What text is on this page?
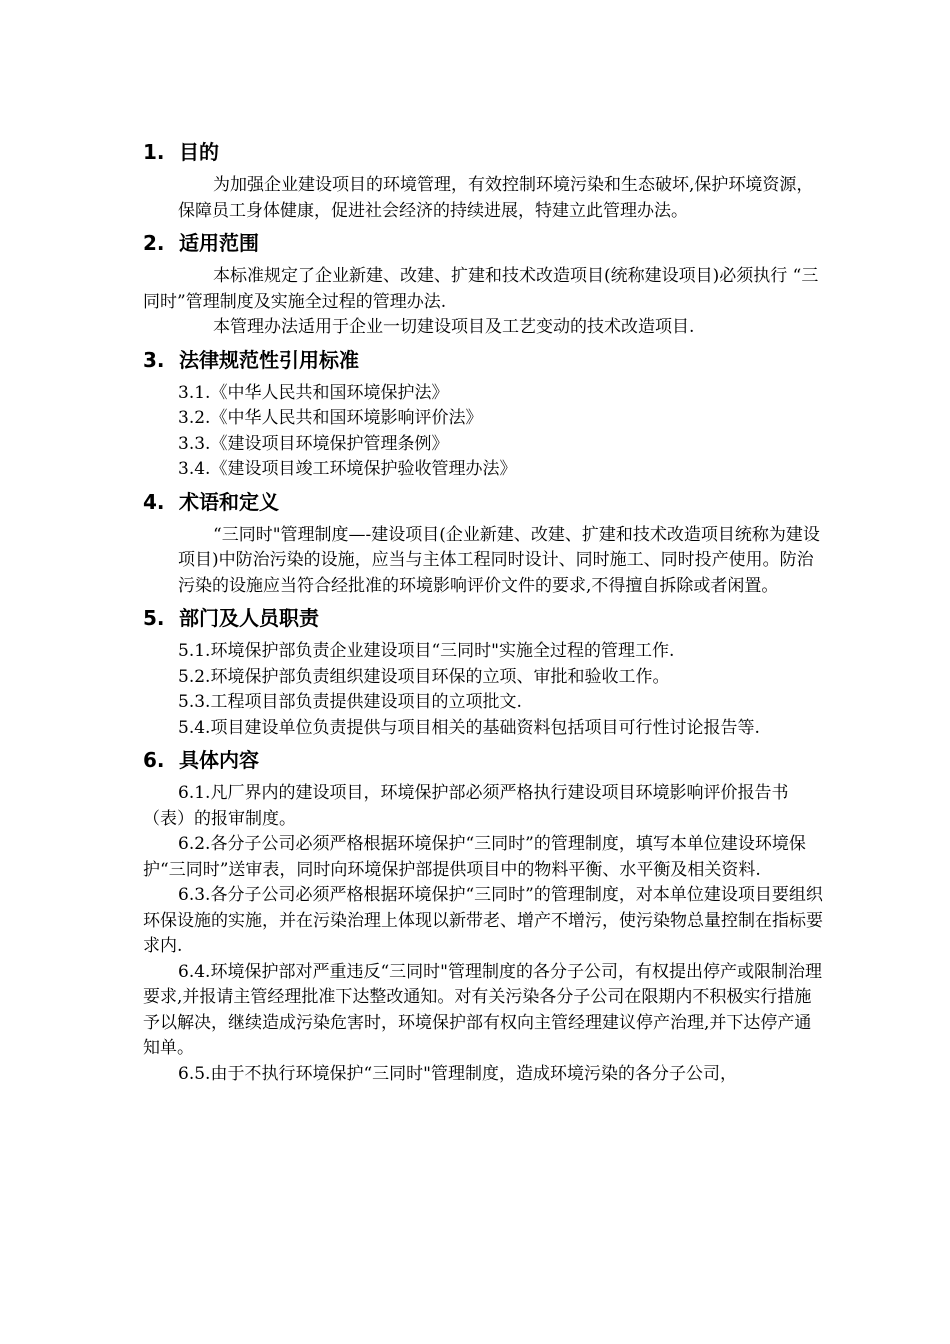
1. 目的

为加强企业建设项目的环境管理，有效控制环境污染和生态破坏,保护环境资源，保障员工身体健康，促进社会经济的持续进展，特建立此管理办法。

2. 适用范围

本标准规定了企业新建、改建、扩建和技术改造项目(统称建设项目)必须执行 “三同时”管理制度及实施全过程的管理办法.

本管理办法适用于企业一切建设项目及工艺变动的技术改造项目.

3. 法律规范性引用标准
3.1.《中华人民共和国环境保护法》
3.2.《中华人民共和国环境影响评价法》
3.3.《建设项目环境保护管理条例》
3.4.《建设项目竣工环境保护验收管理办法》
4. 术语和定义

“三同时"管理制度—-建设项目(企业新建、改建、扩建和技术改造项目统称为建设项目)中防治污染的设施，应当与主体工程同时设计、同时施工、同时投产使用。防治污染的设施应当符合经批准的环境影响评价文件的要求,不得擅自拆除或者闲置。

5. 部门及人员职责
5.1.环境保护部负责企业建设项目“三同时"实施全过程的管理工作.
5.2.环境保护部负责组织建设项目环保的立项、审批和验收工作。
5.3.工程项目部负责提供建设项目的立项批文.
5.4.项目建设单位负责提供与项目相关的基础资料包括项目可行性讨论报告等.
6. 具体内容
6.1.凡厂界内的建设项目，环境保护部必须严格执行建设项目环境影响评价报告书（表）的报审制度。
6.2.各分子公司必须严格根据环境保护“三同时”的管理制度，填写本单位建设环境保护“三同时”送审表，同时向环境保护部提供项目中的物料平衡、水平衡及相关资料.
6.3.各分子公司必须严格根据环境保护“三同时”的管理制度，对本单位建设项目要组织环保设施的实施，并在污染治理上体现以新带老、增产不增污，使污染物总量控制在指标要求内.
6.4.环境保护部对严重违反“三同时"管理制度的各分子公司，有权提出停产或限制治理要求,并报请主管经理批准下达整改通知。对有关污染各分子公司在限期内不积极实行措施予以解决，继续造成污染危害时，环境保护部有权向主管经理建议停产治理,并下达停产通知单。
6.5.由于不执行环境保护“三同时"管理制度，造成环境污染的各分子公司，
